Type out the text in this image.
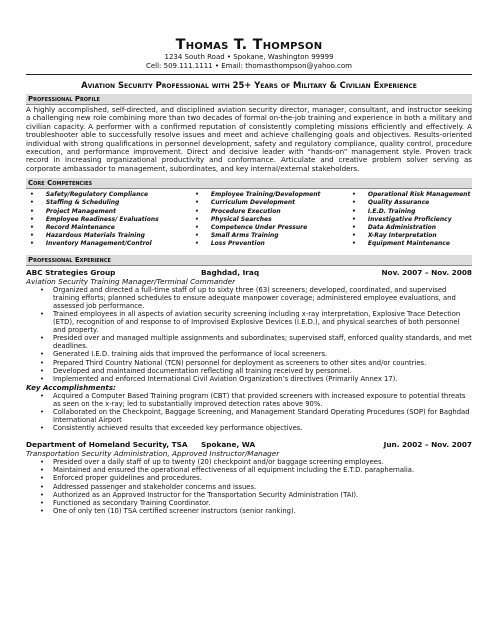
Thomas T. Thompson
1234 South Road • Spokane, Washington 99999
Cell: 509.111.1111 • Email: thomasthompson@yahoo.com
Aviation Security Professional with 25+ Years of Military & Civilian Experience
Professional Profile
A highly accomplished, self-directed, and disciplined aviation security director, manager, consultant, and instructor seeking a challenging new role combining more than two decades of formal on-the-job training and experience in both a military and civilian capacity. A performer with a confirmed reputation of consistently completing missions efficiently and effectively. A troubleshooter able to successfully resolve issues and meet and achieve challenging goals and objectives. Results-oriented individual with strong qualifications in personnel development, safety and regulatory compliance, quality control, procedure execution, and performance improvement. Direct and decisive leader with “hands-on” management style. Proven track record in increasing organizational productivity and conformance. Articulate and creative problem solver serving as corporate ambassador to management, subordinates, and key internal/external stakeholders.
Core Competencies
• Safety/Regulatory Compliance	• Employee Training/Development	• Operational Risk Management
• Staffing & Scheduling	• Curriculum Development	• Quality Assurance
• Project Management	• Procedure Execution	• I.E.D. Training
• Employee Readiness/ Evaluations	• Physical Searches	• Investigative Proficiency
• Record Maintenance	• Competence Under Pressure	• Data Administration
• Hazardous Materials Training	• Small Arms Training	• X-Ray Interpretation
• Inventory Management/Control	• Loss Prevention	• Equipment Maintenance
Professional Experience
ABC Strategies Group	Baghdad, Iraq	Nov. 2007 – Nov. 2008
Aviation Security Training Manager/Terminal Commander
• Organized and directed a full-time staff of up to sixty three (63) screeners; developed, coordinated, and supervised training efforts; planned schedules to ensure adequate manpower coverage; administered employee evaluations, and assessed job performance.
• Trained employees in all aspects of aviation security screening including x-ray interpretation, Explosive Trace Detection (ETD), recognition of and response to of Improvised Explosive Devices (I.E.D.), and physical searches of both personnel and property.
• Presided over and managed multiple assignments and subordinates; supervised staff, enforced quality standards, and met deadlines.
• Generated I.E.D. training aids that improved the performance of local screeners.
• Prepared Third Country National (TCN) personnel for deployment as screeners to other sites and/or countries.
• Developed and maintained documentation reflecting all training received by personnel.
• Implemented and enforced International Civil Aviation Organization’s directives (Primarily Annex 17).
Key Accomplishments:
• Acquired a Computer Based Training program (CBT) that provided screeners with increased exposure to potential threats as seen on the x-ray; led to substantially improved detection rates above 90%.
• Collaborated on the Checkpoint, Baggage Screening, and Management Standard Operating Procedures (SOP) for Baghdad International Airport
• Consistently achieved results that exceeded key performance objectives.
Department of Homeland Security, TSA	Spokane, WA	Jun. 2002 – Nov. 2007
Transportation Security Administration, Approved Instructor/Manager
• Presided over a daily staff of up to twenty (20) checkpoint and/or baggage screening employees.
• Maintained and ensured the operational effectiveness of all equipment including the E.T.D. paraphernalia.
• Enforced proper guidelines and procedures.
• Addressed passenger and stakeholder concerns and issues.
• Authorized as an Approved Instructor for the Transportation Security Administration (TAI).
• Functioned as secondary Training Coordinator.
• One of only ten (10) TSA certified screener instructors (senior ranking).
